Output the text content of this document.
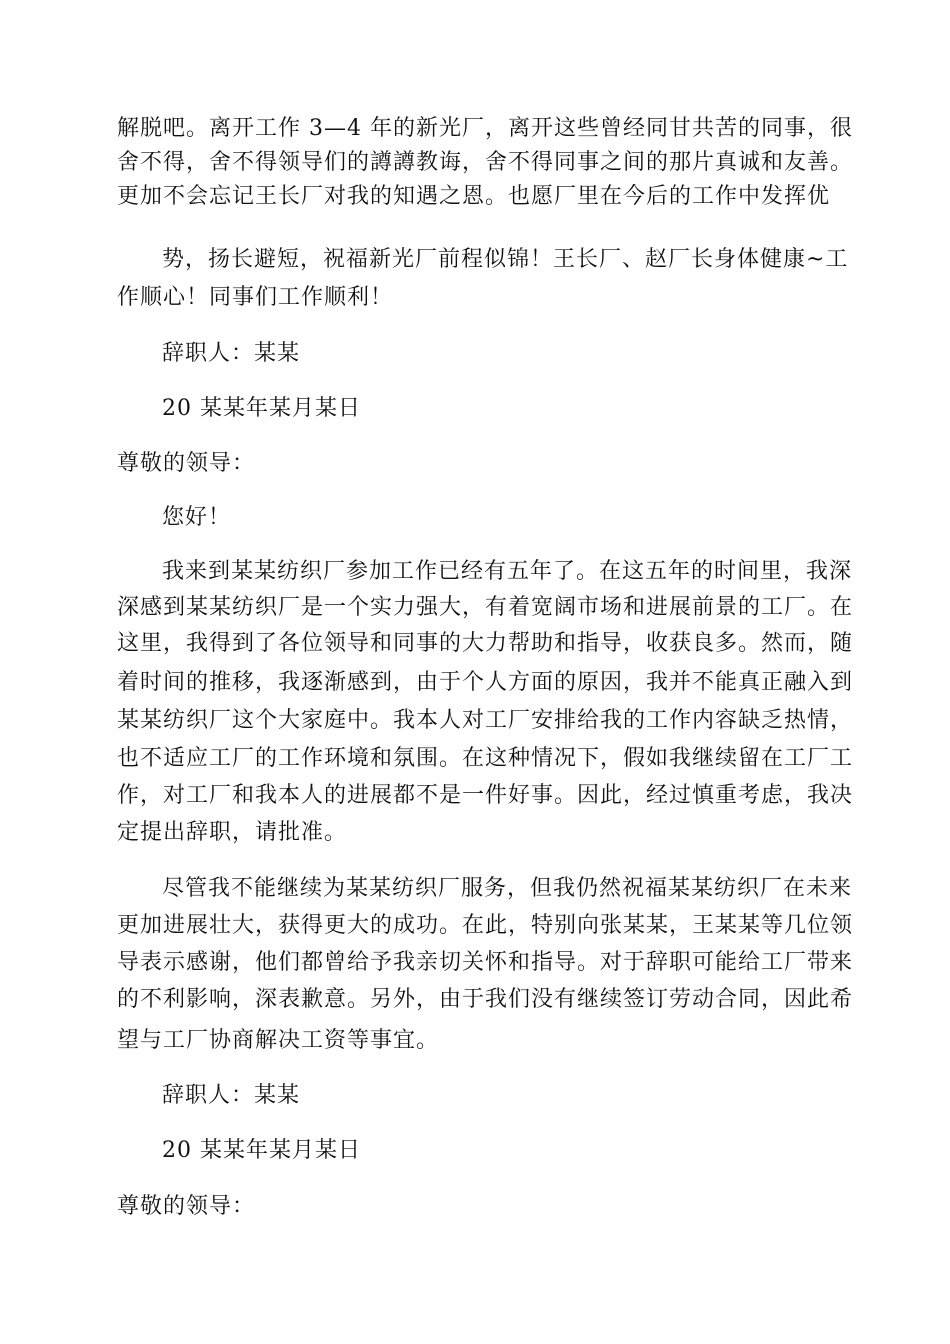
解脱吧。离开工作 3—4 年的新光厂，离开这些曾经同甘共苦的同事，很
舍不得，舍不得领导们的譐譐教诲，舍不得同事之间的那片真诚和友善。
更加不会忘记王长厂对我的知遇之恩。也愿厂里在今后的工作中发挥优
势，扬长避短，祝福新光厂前程似锦！王长厂、赵厂长身体健康~工
作顺心！同事们工作顺利！
辞职人：某某
20 某某年某月某日
尊敬的领导：
您好！
我来到某某纺织厂参加工作已经有五年了。在这五年的时间里，我深
深感到某某纺织厂是一个实力强大，有着宽阔市场和进展前景的工厂。在
这里，我得到了各位领导和同事的大力帮助和指导，收获良多。然而，随
着时间的推移，我逐渐感到，由于个人方面的原因，我并不能真正融入到
某某纺织厂这个大家庭中。我本人对工厂安排给我的工作内容缺乏热情，
也不适应工厂的工作环境和氛围。在这种情况下，假如我继续留在工厂工
作，对工厂和我本人的进展都不是一件好事。因此，经过慎重考虑，我决
定提出辞职，请批准。
尽管我不能继续为某某纺织厂服务，但我仍然祝福某某纺织厂在未来
更加进展壮大，获得更大的成功。在此，特别向张某某，王某某等几位领
导表示感谢，他们都曾给予我亲切关怀和指导。对于辞职可能给工厂带来
的不利影响，深表歉意。另外，由于我们没有继续签订劳动合同，因此希
望与工厂协商解决工资等事宜。
辞职人：某某
20 某某年某月某日
尊敬的领导：
